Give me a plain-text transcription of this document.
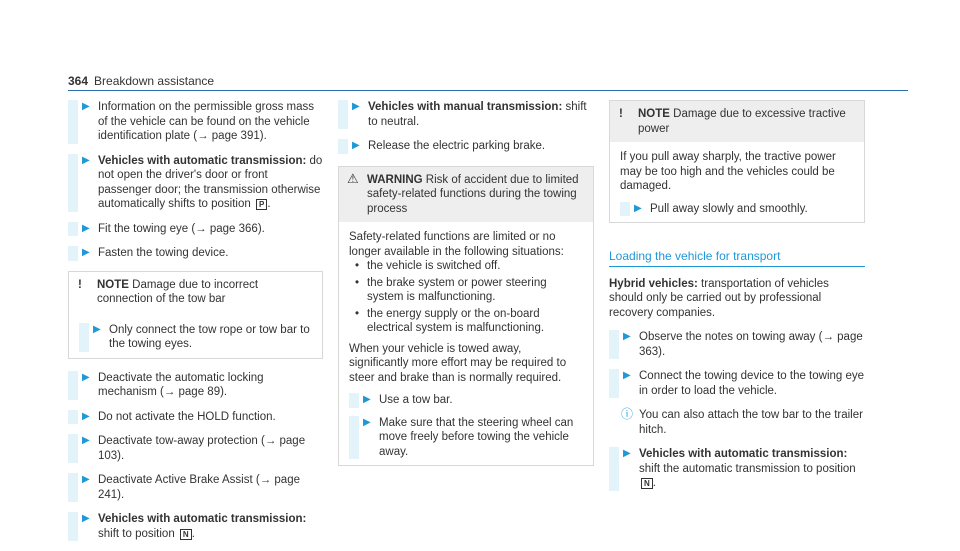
364 Breakdown assistance
▶ Information on the permissible gross mass of the vehicle can be found on the vehicle identification plate (→ page 391).
▶ Vehicles with automatic transmission: do not open the driver's door or front passenger door; the transmission otherwise automatically shifts to position P .
▶ Fit the towing eye (→ page 366).
▶ Fasten the towing device.
! NOTE Damage due to incorrect connection of the tow bar
▶ Only connect the tow rope or tow bar to the towing eyes.
▶ Deactivate the automatic locking mechanism (→ page 89).
▶ Do not activate the HOLD function.
▶ Deactivate tow-away protection (→ page 103).
▶ Deactivate Active Brake Assist (→ page 241).
▶ Vehicles with automatic transmission: shift to position N .
▶ Vehicles with manual transmission: shift to neutral.
▶ Release the electric parking brake.
⚠ WARNING Risk of accident due to limited safety-related functions during the towing process
Safety-related functions are limited or no longer available in the following situations:
• the vehicle is switched off.
• the brake system or power steering system is malfunctioning.
• the energy supply or the on-board electrical system is malfunctioning.
When your vehicle is towed away, significantly more effort may be required to steer and brake than is normally required.
▶ Use a tow bar.
▶ Make sure that the steering wheel can move freely before towing the vehicle away.
! NOTE Damage due to excessive tractive power
If you pull away sharply, the tractive power may be too high and the vehicles could be damaged.
▶ Pull away slowly and smoothly.
Loading the vehicle for transport
Hybrid vehicles: transportation of vehicles should only be carried out by professional recovery companies.
▶ Observe the notes on towing away (→ page 363).
▶ Connect the towing device to the towing eye in order to load the vehicle.
ⓘ You can also attach the tow bar to the trailer hitch.
▶ Vehicles with automatic transmission: shift the automatic transmission to position N .
